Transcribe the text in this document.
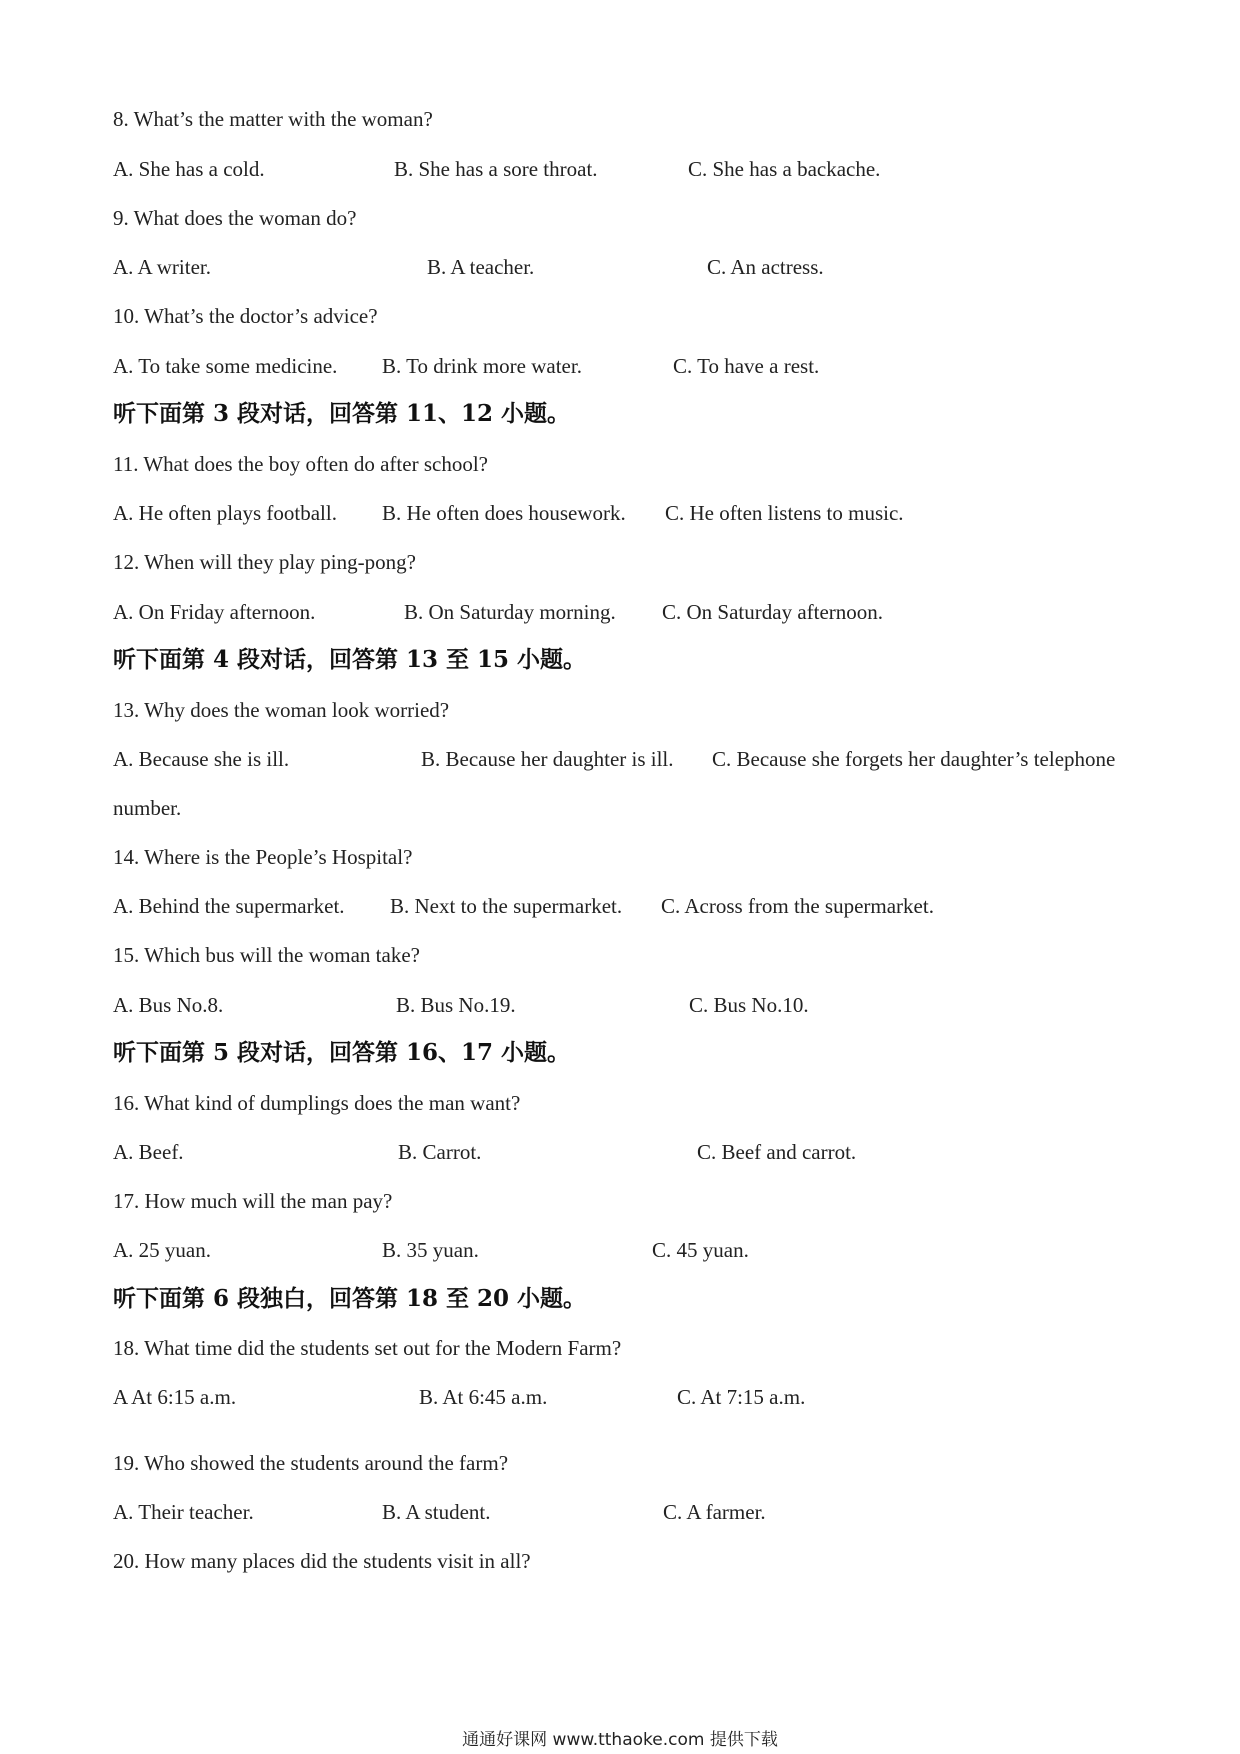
8. What’s the matter with the woman?
A. She has a cold.	B. She has a sore throat.	C. She has a backache.
9. What does the woman do?
A. A writer.	B. A teacher.	C. An actress.
10. What’s the doctor’s advice?
A. To take some medicine. B. To drink more water.	C. To have a rest.
听下面第 3 段对话，回答第 11、12 小题。
11. What does the boy often do after school?
A. He often plays football. B. He often does housework. C. He often listens to music.
12. When will they play ping-pong?
A. On Friday afternoon.	B. On Saturday morning. C. On Saturday afternoon.
听下面第 4 段对话，回答第 13 至 15 小题。
13. Why does the woman look worried?
A. Because she is ill.	B. Because her daughter is ill. C. Because she forgets her daughter’s telephone
number.
14. Where is the People’s Hospital?
A. Behind the supermarket. B. Next to the supermarket. C. Across from the supermarket.
15. Which bus will the woman take?
A. Bus No.8.	B. Bus No.19.	C. Bus No.10.
听下面第 5 段对话，回答第 16、17 小题。
16. What kind of dumplings does the man want?
A. Beef.	B. Carrot.	C. Beef and carrot.
17. How much will the man pay?
A. 25 yuan.	B. 35 yuan.	C. 45 yuan.
听下面第 6 段独白，回答第 18 至 20 小题。
18. What time did the students set out for the Modern Farm?
A At 6:15 a.m.	B. At 6:45 a.m.	C. At 7:15 a.m.
19. Who showed the students around the farm?
A. Their teacher.	B. A student.	C. A farmer.
20. How many places did the students visit in all?
通通好课网 www.tthaoke.com 提供下载
